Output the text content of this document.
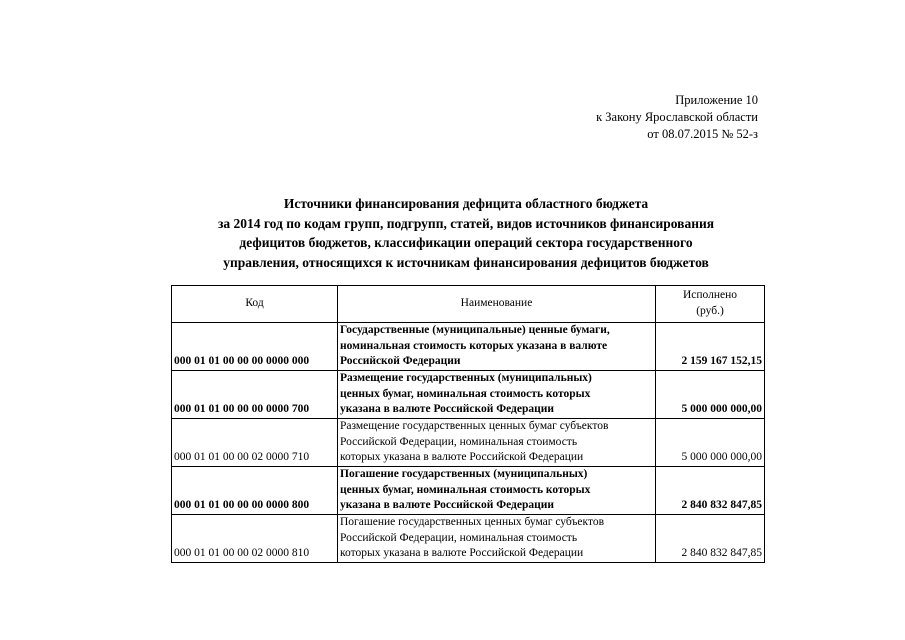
Приложение 10
к Закону Ярославской области
от 08.07.2015 № 52-з
Источники финансирования дефицита областного бюджета
за 2014 год по кодам групп, подгрупп, статей, видов источников финансирования
дефицитов бюджетов, классификации операций сектора государственного
управления, относящихся к источникам финансирования дефицитов бюджетов
Код	Наименование	Исполнено
(руб.)

000 01 01 00 00 00 0000 000	Государственные (муниципальные) ценные бумаги,
номинальная стоимость которых указана в валюте
Российской Федерации	2 159 167 152,15
000 01 01 00 00 00 0000 700	Размещение государственных (муниципальных)
ценных бумаг, номинальная стоимость которых
указана в валюте Российской Федерации	5 000 000 000,00
000 01 01 00 00 02 0000 710	Размещение государственных ценных бумаг субъектов
Российской Федерации, номинальная стоимость
которых указана в валюте Российской Федерации	5 000 000 000,00
000 01 01 00 00 00 0000 800	Погашение государственных (муниципальных)
ценных бумаг, номинальная стоимость которых
указана в валюте Российской Федерации	2 840 832 847,85
000 01 01 00 00 02 0000 810	Погашение государственных ценных бумаг субъектов
Российской Федерации, номинальная стоимость
которых указана в валюте Российской Федерации	2 840 832 847,85
